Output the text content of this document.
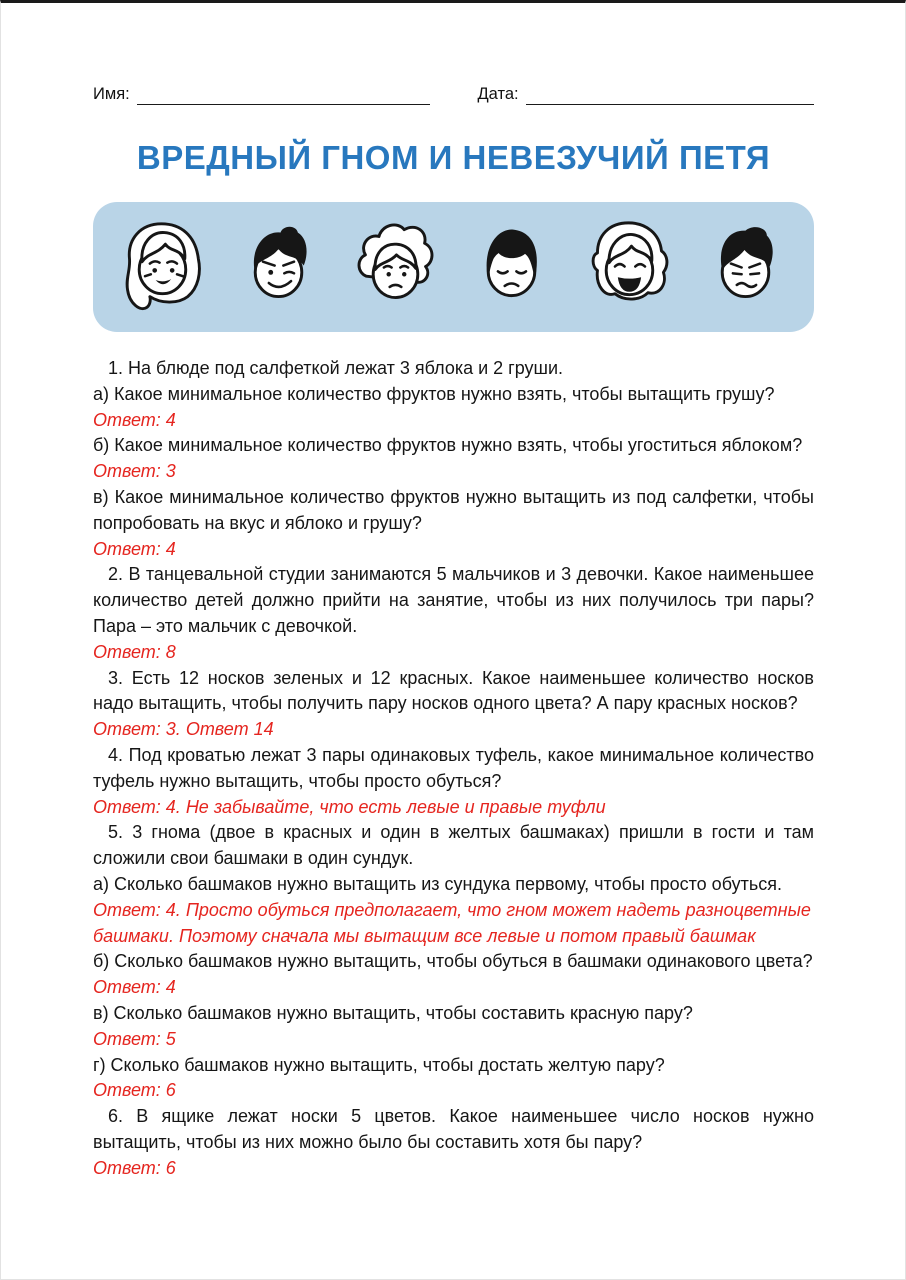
Имя:	Дата:
ВРЕДНЫЙ ГНОМ И НЕВЕЗУЧИЙ ПЕТЯ

1. На блюде под салфеткой лежат 3 яблока и 2 груши.

а) Какое минимальное количество фруктов нужно взять, чтобы вытащить грушу?

Ответ: 4

б) Какое минимальное количество фруктов нужно взять, чтобы угоститься яблоком?

Ответ: 3

в) Какое минимальное количество фруктов нужно вытащить из под салфетки, чтобы попробовать на вкус и яблоко и грушу?

Ответ: 4

2. В танцевальной студии занимаются 5 мальчиков и 3 девочки. Какое наименьшее количество детей должно прийти на занятие, чтобы из них получилось три пары? Пара – это мальчик с девочкой.

Ответ: 8

3. Есть 12 носков зеленых и 12 красных. Какое наименьшее количество носков надо вытащить, чтобы получить пару носков одного цвета? А пару красных носков?

Ответ: 3. Ответ 14

4. Под кроватью лежат 3 пары одинаковых туфель, какое минимальное количество туфель нужно вытащить, чтобы просто обуться?

Ответ: 4. Не забывайте, что есть левые и правые туфли

5. 3 гнома (двое в красных и один в желтых башмаках) пришли в гости и там сложили свои башмаки в один сундук.

а) Сколько башмаков нужно вытащить из сундука первому, чтобы просто обуться.

Ответ: 4. Просто обуться предполагает, что гном может надеть разноцветные башмаки. Поэтому сначала мы вытащим все левые и потом правый башмак

б) Сколько башмаков нужно вытащить, чтобы обуться в башмаки одинакового цвета?

Ответ: 4

в) Сколько башмаков нужно вытащить, чтобы составить красную пару?

Ответ: 5

г) Сколько башмаков нужно вытащить, чтобы достать желтую пару?

Ответ: 6

6. В ящике лежат носки 5 цветов. Какое наименьшее число носков нужно вытащить, чтобы из них можно было бы составить хотя бы пару?

Ответ: 6
